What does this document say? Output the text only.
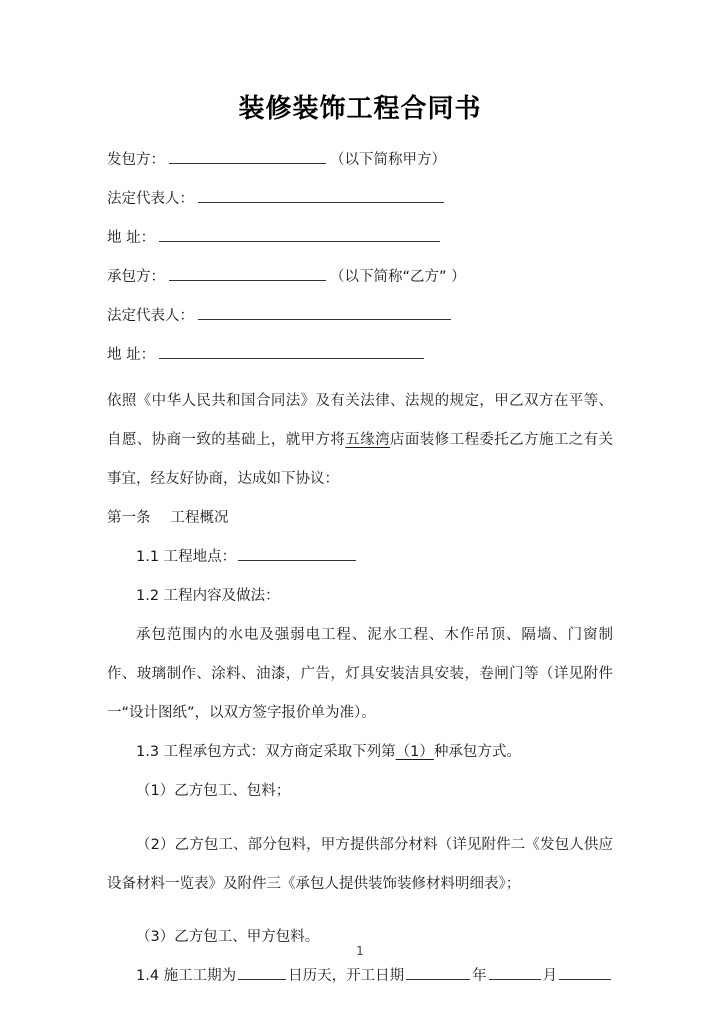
装修装饰工程合同书
发包方：	（以下简称甲方）
法定代表人：
地 址：
承包方：	（以下简称“乙方” ）
法定代表人：
地 址：

依照《中华人民共和国合同法》及有关法律、法规的规定，甲乙双方在平等、自愿、协商一致的基础上，就甲方将五缘湾店面装修工程委托乙方施工之有关事宜，经友好协商，达成如下协议：

第一条 工程概况
1.1 工程地点：
1.2 工程内容及做法：

承包范围内的水电及强弱电工程、泥水工程、木作吊顶、隔墙、门窗制作、玻璃制作、涂料、油漆，广告，灯具安装洁具安装，卷闸门等（详见附件一“设计图纸”，以双方签字报价单为准）。

1.3 工程承包方式：双方商定采取下列第（1）种承包方式。
（1）乙方包工、包料；

（2）乙方包工、部分包料，甲方提供部分材料（详见附件二《发包人供应设备材料一览表》及附件三《承包人提供装饰装修材料明细表》；

（3）乙方包工、甲方包料。
1.4 施工工期为	日历天，开工日期	年	月
1
